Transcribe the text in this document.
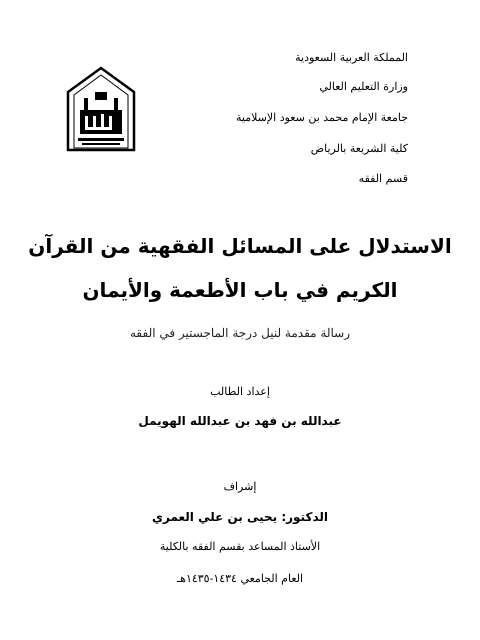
المملكة العربية السعودية
وزارة التعليم العالي
جامعة الإمام محمد بن سعود الإسلامية
كلية الشريعة بالرياض
قسم الفقه
الاستدلال على المسائل الفقهية من القرآن
الكريم في باب الأطعمة والأيمان
رسالة مقدمة لنيل درجة الماجستير في الفقه
إعداد الطالب
عبدالله بن فهد بن عبدالله الهويمل
إشراف
الدكتور: يحيى بن علي العمري
الأستاذ المساعد بقسم الفقه بالكلية
العام الجامعي ١٤٣٤-١٤٣٥هـ
